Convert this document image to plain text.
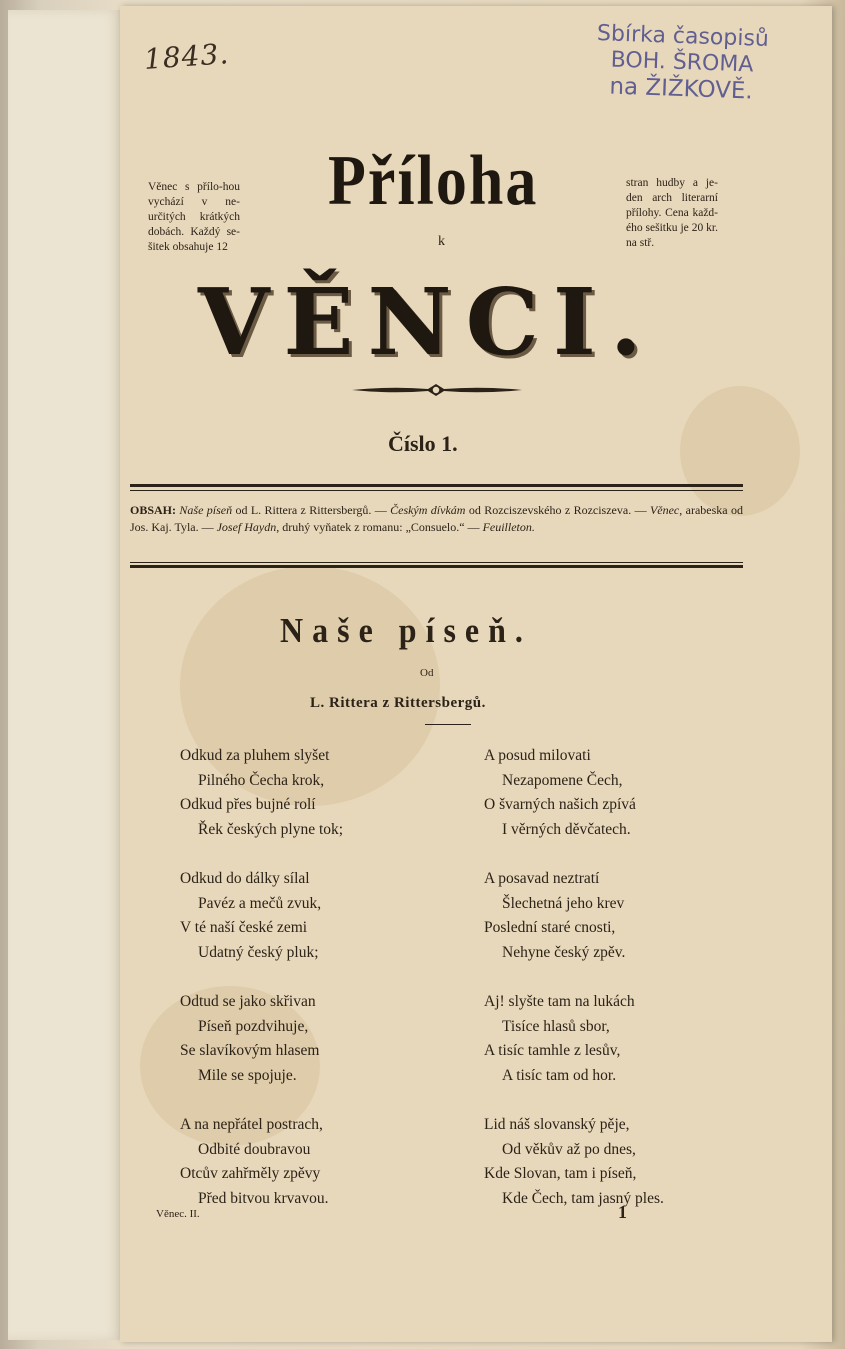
1843.
Sbírka časopisů
BOH. ŠROMA
na ŽIŽKOVĚ.
Věnec s přílo-hou vychází v ne-určitých krátkých dobách. Každý se-šitek obsahuje 12
stran hudby a je-den arch literarní přílohy. Cena každ-ého sešitku je 20 kr. na stř.
Příloha
k
VĚNCI.
Číslo 1.
OBSAH: Naše píseň od L. Rittera z Rittersbergů. — Českým dívkám od Rozciszevského z Rozciszeva. — Věnec, arabeska od Jos. Kaj. Tyla. — Josef Haydn, druhý vyňatek z romanu: „Consuelo.“ — Feuilleton.
Naše píseň.
Od
L. Rittera z Rittersbergů.
Odkud za pluhem slyšet
Pilného Čecha krok,
Odkud přes bujné rolí
Řek českých plyne tok;
Odkud do dálky sílal
Pavéz a mečů zvuk,
V té naší české zemi
Udatný český pluk;
Odtud se jako skřivan
Píseň pozdvihuje,
Se slavíkovým hlasem
Mile se spojuje.
A na nepřátel postrach,
Odbité doubravou
Otcův zahřměly zpěvy
Před bitvou krvavou.
A posud milovati
Nezapomene Čech,
O švarných našich zpívá
I věrných děvčatech.
A posavad neztratí
Šlechetná jeho krev
Poslední staré cnosti,
Nehyne český zpěv.
Aj! slyšte tam na lukách
Tisíce hlasů sbor,
A tisíc tamhle z lesův,
A tisíc tam od hor.
Lid náš slovanský pěje,
Od věkův až po dnes,
Kde Slovan, tam i píseň,
Kde Čech, tam jasný ples.
Věnec. II.	1
